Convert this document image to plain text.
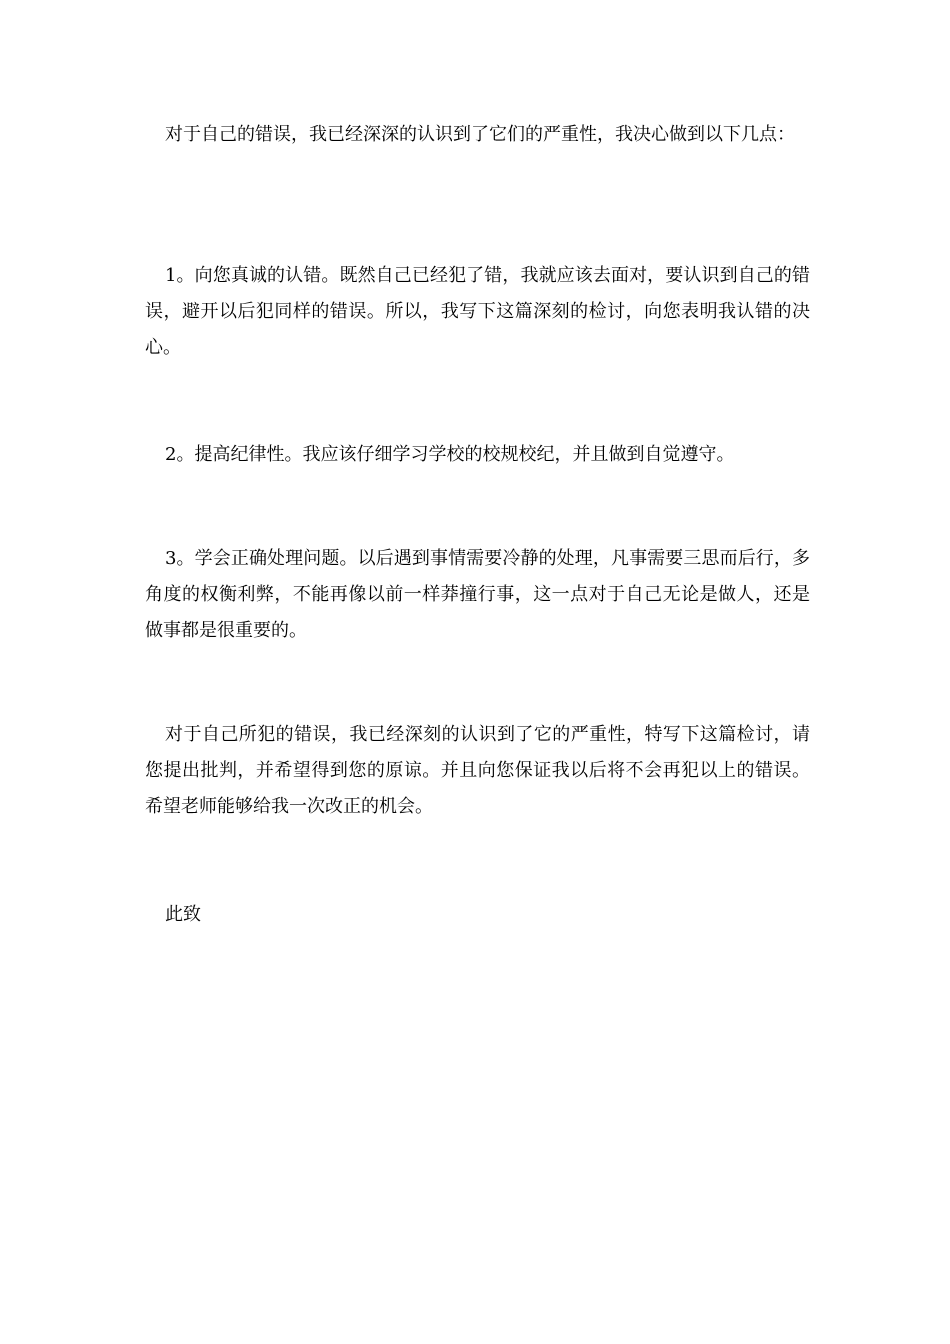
对于自己的错误，我已经深深的认识到了它们的严重性，我决心做到以下几点：

1。向您真诚的认错。既然自己已经犯了错，我就应该去面对，要认识到自己的错误，避开以后犯同样的错误。所以，我写下这篇深刻的检讨，向您表明我认错的决心。

2。提高纪律性。我应该仔细学习学校的校规校纪，并且做到自觉遵守。

3。学会正确处理问题。以后遇到事情需要冷静的处理，凡事需要三思而后行，多角度的权衡利弊，不能再像以前一样莽撞行事，这一点对于自己无论是做人，还是做事都是很重要的。

对于自己所犯的错误，我已经深刻的认识到了它的严重性，特写下这篇检讨，请您提出批判，并希望得到您的原谅。并且向您保证我以后将不会再犯以上的错误。希望老师能够给我一次改正的机会。

此致
